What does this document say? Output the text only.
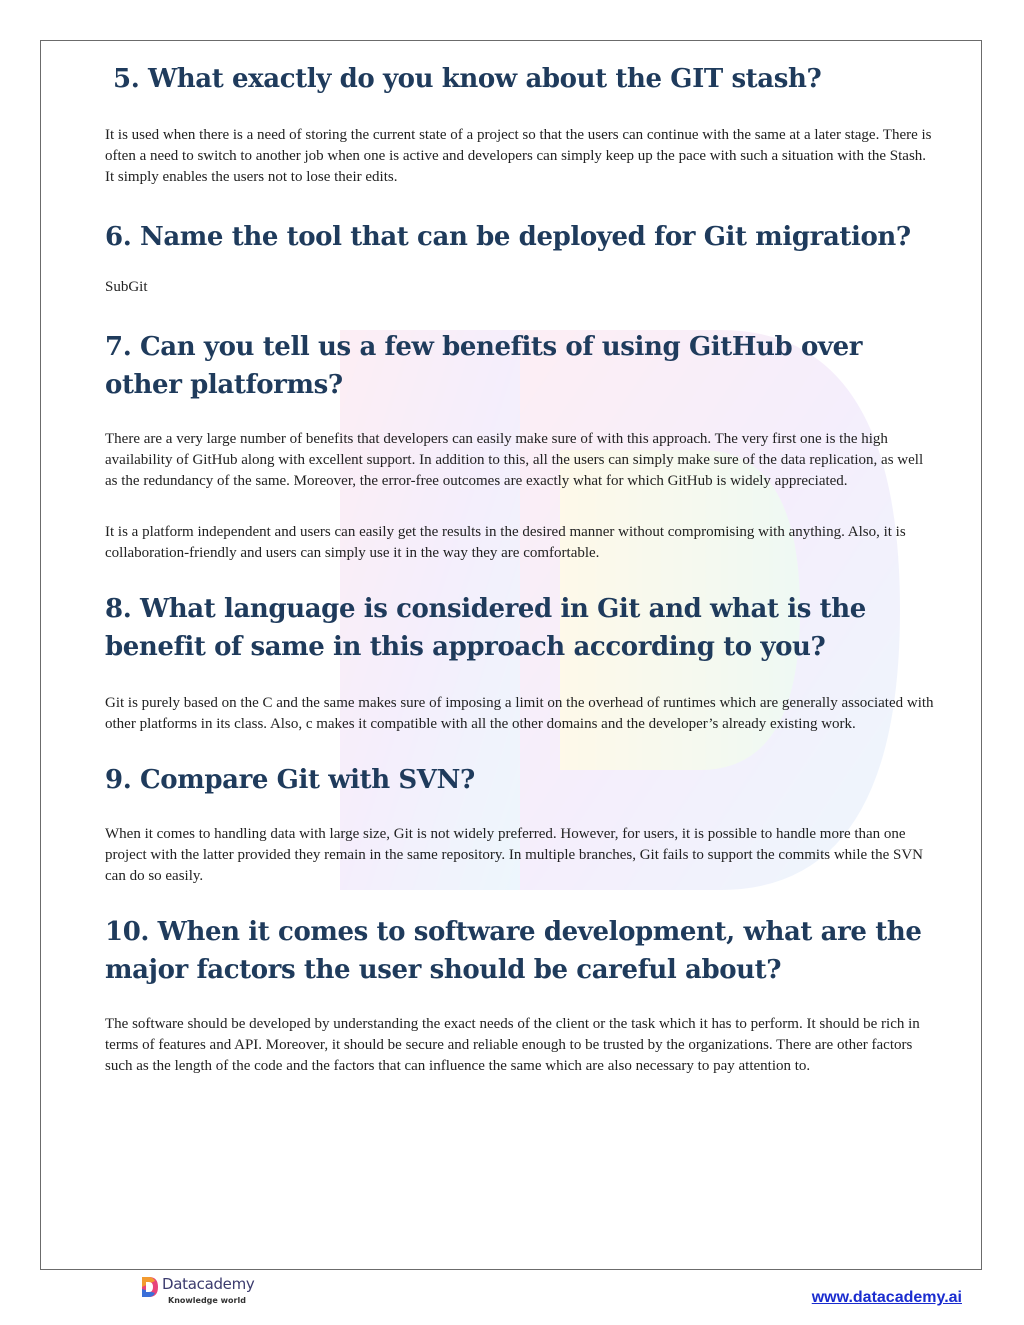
5. What exactly do you know about the GIT stash?

It is used when there is a need of storing the current state of a project so that the users can continue with the same at a later stage. There is often a need to switch to another job when one is active and developers can simply keep up the pace with such a situation with the Stash. It simply enables the users not to lose their edits.

6. Name the tool that can be deployed for Git migration?

SubGit

7. Can you tell us a few benefits of using GitHub over other platforms?

There are a very large number of benefits that developers can easily make sure of with this approach. The very first one is the high availability of GitHub along with excellent support. In addition to this, all the users can simply make sure of the data replication, as well as the redundancy of the same. Moreover, the error-free outcomes are exactly what for which GitHub is widely appreciated.

It is a platform independent and users can easily get the results in the desired manner without compromising with anything. Also, it is collaboration-friendly and users can simply use it in the way they are comfortable.

8. What language is considered in Git and what is the benefit of same in this approach according to you?

Git is purely based on the C and the same makes sure of imposing a limit on the overhead of runtimes which are generally associated with other platforms in its class. Also, c makes it compatible with all the other domains and the developer’s already existing work.

9. Compare Git with SVN?

When it comes to handling data with large size, Git is not widely preferred. However, for users, it is possible to handle more than one project with the latter provided they remain in the same repository. In multiple branches, Git fails to support the commits while the SVN can do so easily.

10. When it comes to software development, what are the major factors the user should be careful about?

The software should be developed by understanding the exact needs of the client or the task which it has to perform. It should be rich in terms of features and API. Moreover, it should be secure and reliable enough to be trusted by the organizations. There are other factors such as the length of the code and the factors that can influence the same which are also necessary to pay attention to.

Datacademy
Knowledge world	www.datacademy.ai
